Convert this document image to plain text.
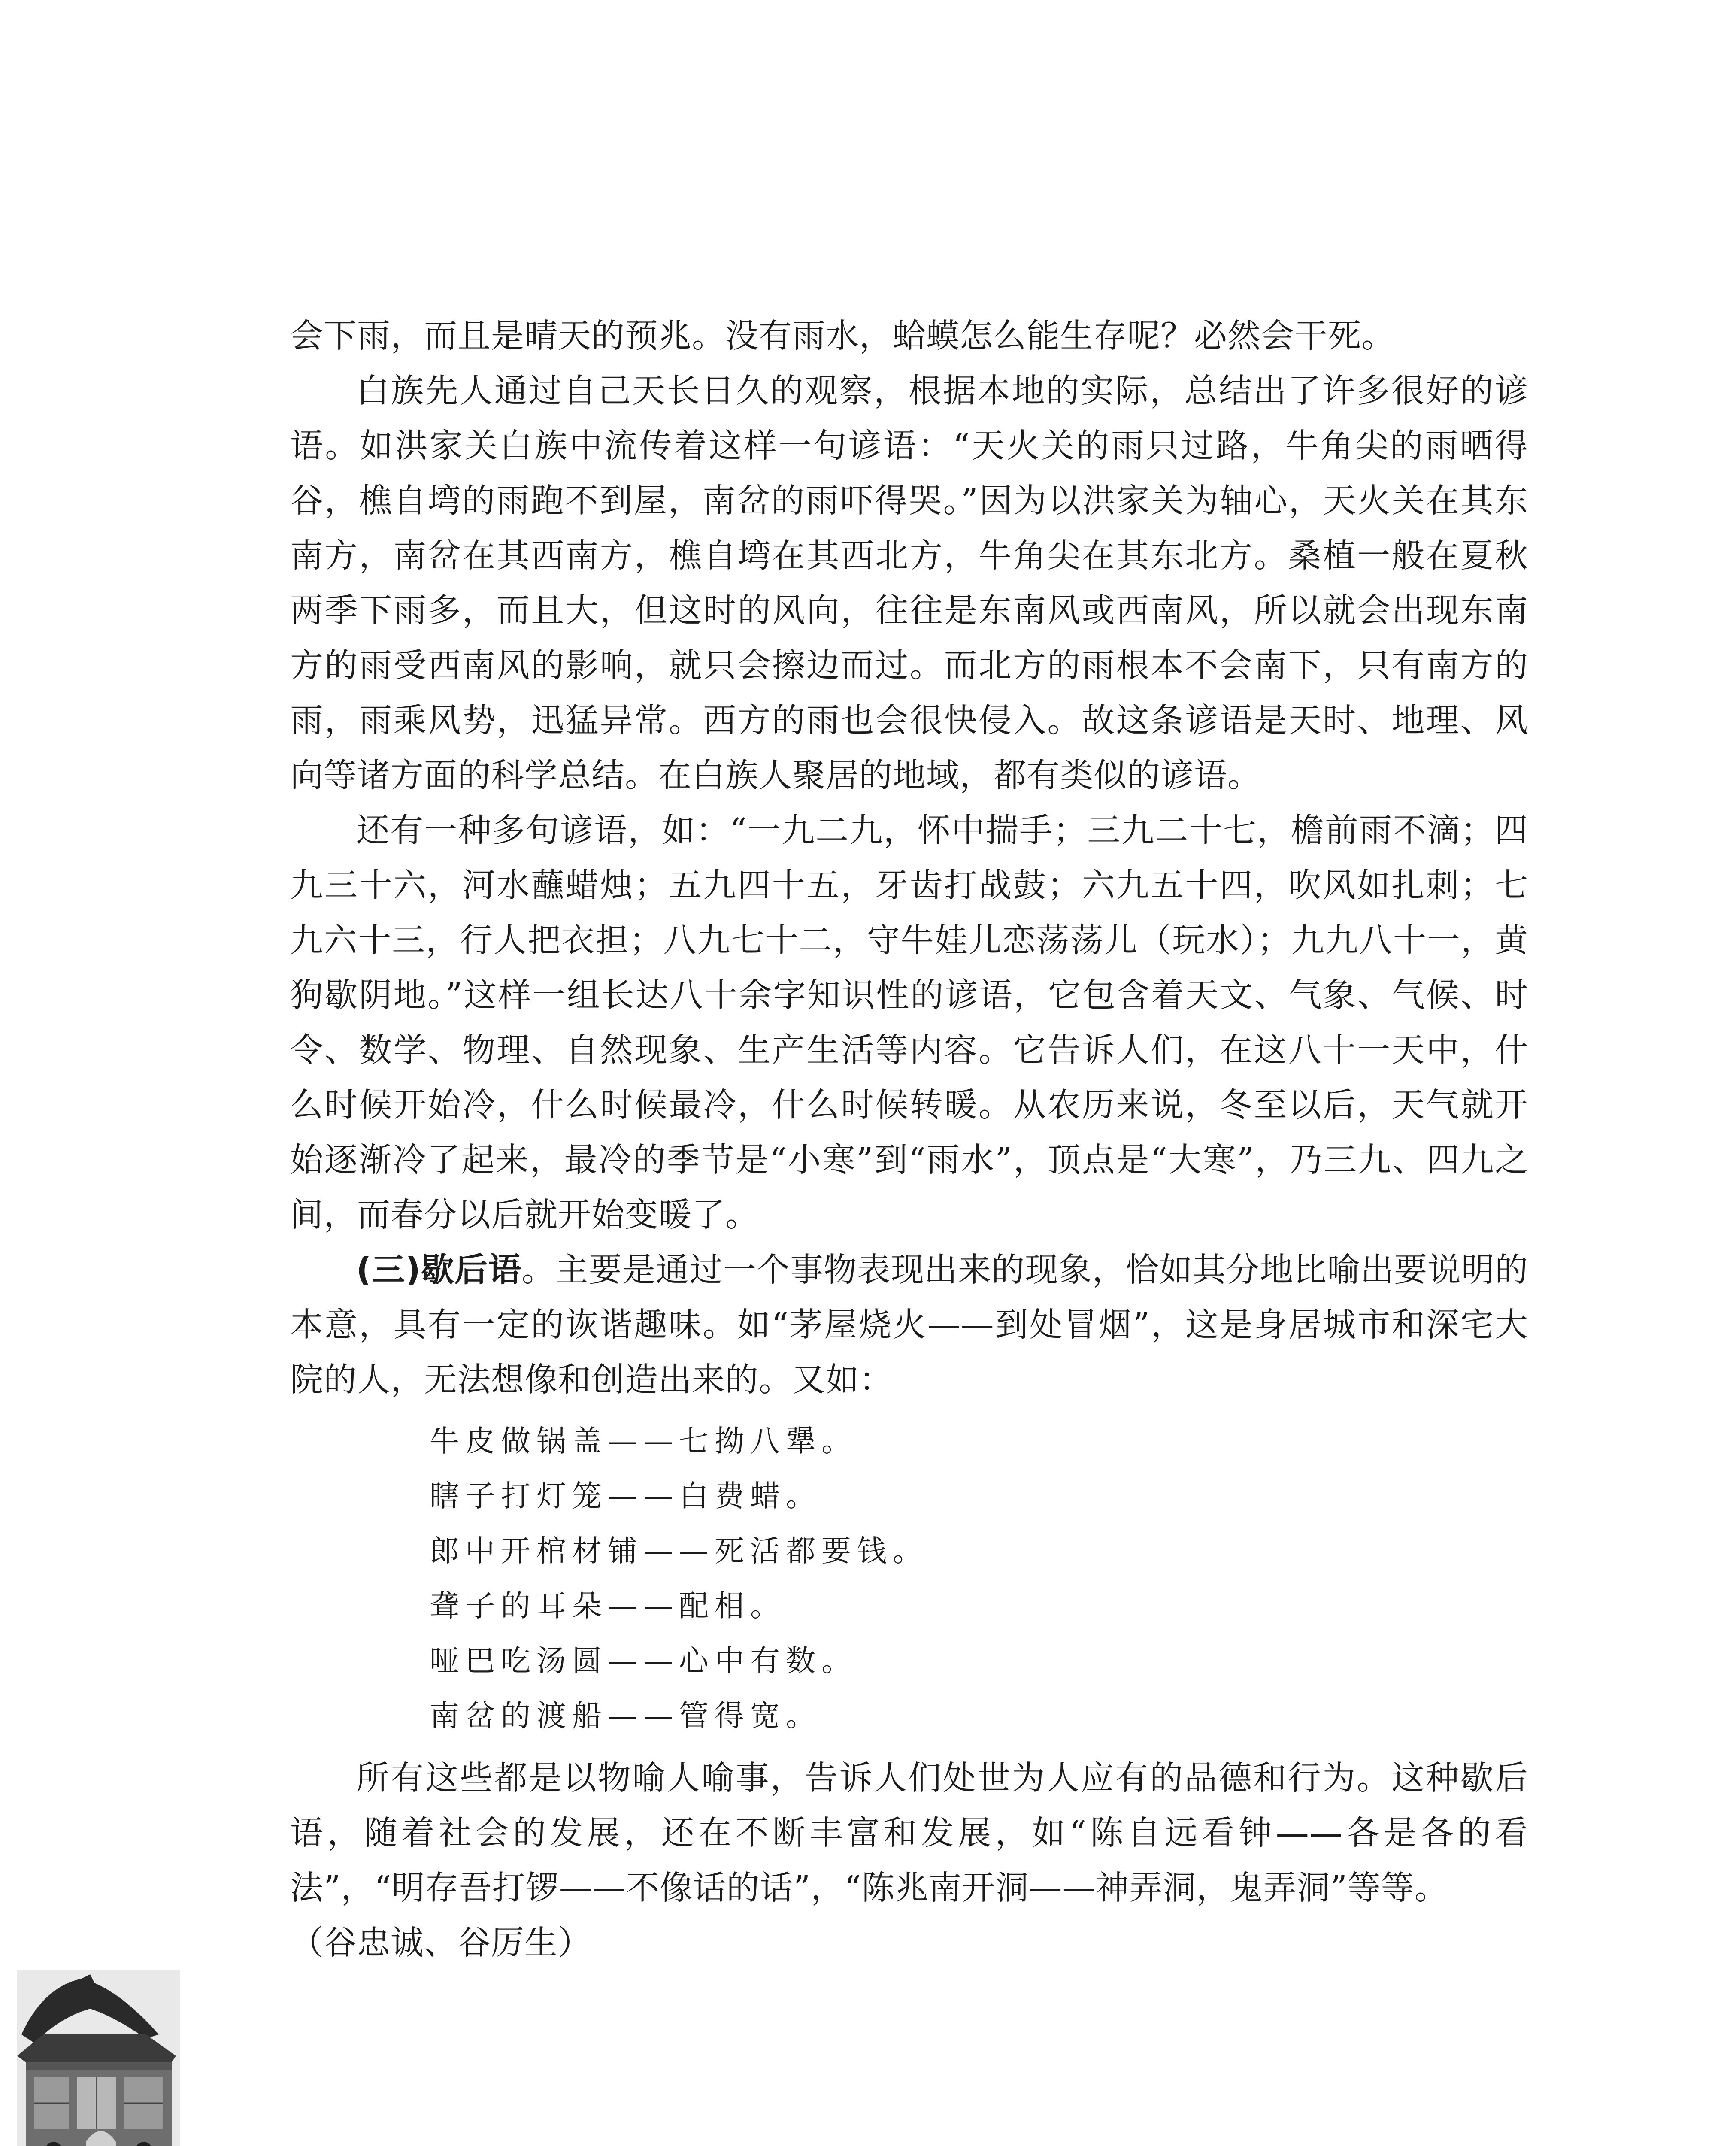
会下雨，而且是晴天的预兆。没有雨水，蛤蟆怎么能生存呢？必然会干死。

白族先人通过自己天长日久的观察，根据本地的实际，总结出了许多很好的谚语。如洪家关白族中流传着这样一句谚语：“天火关的雨只过路，牛角尖的雨晒得谷，樵自塆的雨跑不到屋，南岔的雨吓得哭。”因为以洪家关为轴心，天火关在其东南方，南岔在其西南方，樵自塆在其西北方，牛角尖在其东北方。桑植一般在夏秋两季下雨多，而且大，但这时的风向，往往是东南风或西南风，所以就会出现东南方的雨受西南风的影响，就只会擦边而过。而北方的雨根本不会南下，只有南方的雨，雨乘风势，迅猛异常。西方的雨也会很快侵入。故这条谚语是天时、地理、风向等诸方面的科学总结。在白族人聚居的地域，都有类似的谚语。

还有一种多句谚语，如：“一九二九，怀中揣手；三九二十七，檐前雨不滴；四九三十六，河水蘸蜡烛；五九四十五，牙齿打战鼓；六九五十四，吹风如扎刺；七九六十三，行人把衣担；八九七十二，守牛娃儿恋荡荡儿（玩水）；九九八十一，黄狗歇阴地。”这样一组长达八十余字知识性的谚语，它包含着天文、气象、气候、时令、数学、物理、自然现象、生产生活等内容。它告诉人们，在这八十一天中，什么时候开始冷，什么时候最冷，什么时候转暖。从农历来说，冬至以后，天气就开始逐渐冷了起来，最冷的季节是“小寒”到“雨水”，顶点是“大寒”，乃三九、四九之间，而春分以后就开始变暖了。

(三)歇后语。主要是通过一个事物表现出来的现象，恰如其分地比喻出要说明的本意，具有一定的诙谐趣味。如“茅屋烧火——到处冒烟”，这是身居城市和深宅大院的人，无法想像和创造出来的。又如：

牛皮做锅盖——七拗八犟。
瞎子打灯笼——白费蜡。
郎中开棺材铺——死活都要钱。
聋子的耳朵——配相。
哑巴吃汤圆——心中有数。
南岔的渡船——管得宽。

所有这些都是以物喻人喻事，告诉人们处世为人应有的品德和行为。这种歇后语，随着社会的发展，还在不断丰富和发展，如“陈自远看钟——各是各的看法”，“明存吾打锣——不像话的话”，“陈兆南开洞——神弄洞，鬼弄洞”等等。

（谷忠诚、谷厉生）
